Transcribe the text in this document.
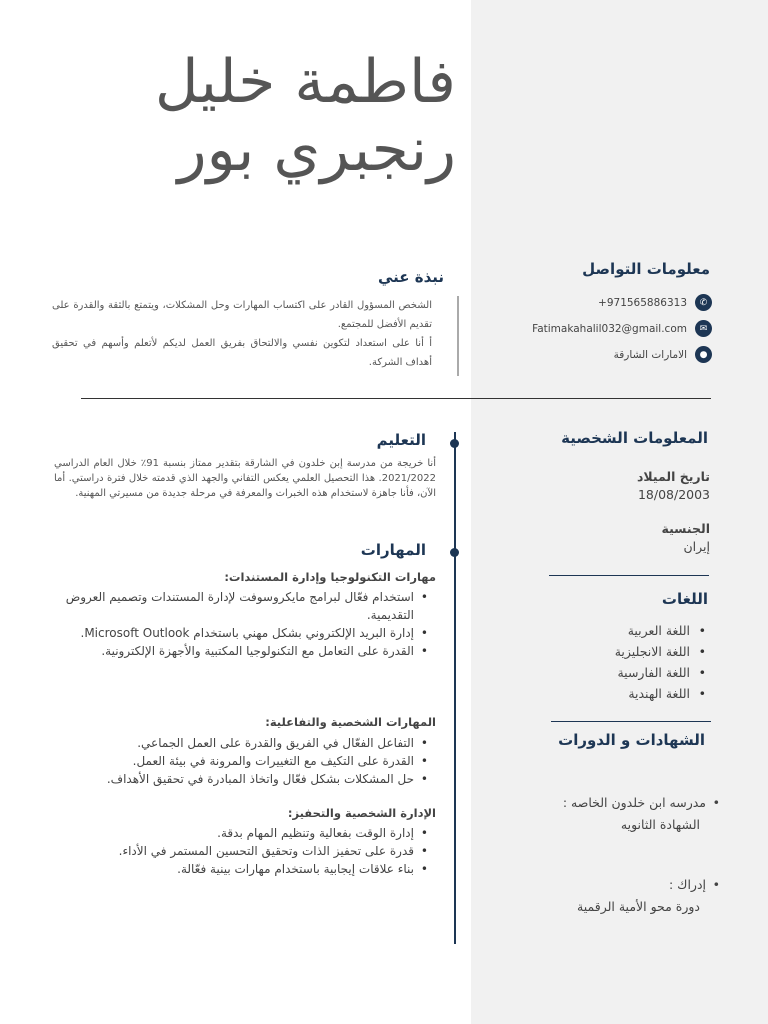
فاطمة خليل
رنجبري بور
نبذة عني
الشخص المسؤول القادر على اكتساب المهارات وحل المشكلات، ويتمتع بالثقة والقدرة على تقديم الأفضل للمجتمع.
أ أنا على استعداد لتكوين نفسي والالتحاق بفريق العمل لديكم لأتعلم وأسهم في تحقيق أهداف الشركة.
معلومات التواصل
✆
+971565886313
✉
Fatimakahalil032@gmail.com
●
الامارات الشارقة
التعليم
أنا خريجة من مدرسة إبن خلدون في الشارقة بتقدير ممتاز بنسبة 91٪ خلال العام الدراسي 2021/2022. هذا التحصيل العلمي يعكس التفاني والجهد الذي قدمته خلال فترة دراستي. أما الآن، فأنا جاهزة لاستخدام هذه الخبرات والمعرفة في مرحلة جديدة من مسيرتي المهنية.
المهارات
مهارات التكنولوجيا وإدارة المستندات:
• استخدام فعّال لبرامج مايكروسوفت لإدارة المستندات وتصميم العروض التقديمية.
• إدارة البريد الإلكتروني بشكل مهني باستخدام Microsoft Outlook.
• القدرة على التعامل مع التكنولوجيا المكتبية والأجهزة الإلكترونية.
المهارات الشخصية والتفاعلية:
• التفاعل الفعّال في الفريق والقدرة على العمل الجماعي.
• القدرة على التكيف مع التغييرات والمرونة في بيئة العمل.
• حل المشكلات بشكل فعّال واتخاذ المبادرة في تحقيق الأهداف.
الإدارة الشخصية والتحفيز:
• إدارة الوقت بفعالية وتنظيم المهام بدقة.
• قدرة على تحفيز الذات وتحقيق التحسين المستمر في الأداء.
• بناء علاقات إيجابية باستخدام مهارات بينية فعّالة.
المعلومات الشخصية
تاريخ الميلاد
18/08/2003
الجنسية
إيران
اللغات
• اللغة العربية
• اللغة الانجليزية
• اللغة الفارسية
• اللغة الهندية
الشهادات و الدورات
•
مدرسه ابن خلدون الخاصه :
الشهادة الثانويه
•
إدراك :
دورة محو الأمية الرقمية
